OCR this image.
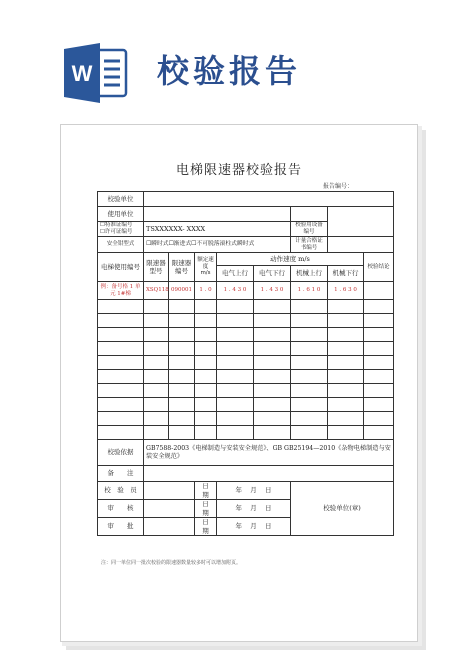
W 校验报告
电梯限速器校验报告
报告编号：
校验单位								
使用单位								

☐特准证编号
☐许可证编号	TSXXXXXX- XXXX					校验用设备编号		
安全钳型式	☐瞬时式☐渐进式☐不可脱落滚柱式瞬时式					计量合格证书编号		
电梯使用编号	限速器型号	限速器编号	额定速度
m/s	动作速度 m/s				校验结论
				电气上行	电气下行	机械上行	机械下行	
例：备号格 1 单元 1#梯	XSQ118	090001	1 . 0	1 . 4 3 0	1 . 4 3 0	1 . 6 1 0	1 . 6 3 0	

校验依据	GB7588-2003《电梯制造与安装安全规范》、GB GB25194—2010《杂物电梯制造与安装安全规范》							
备　　注								
校　验　员			日　　期	年 月 日		校验单位(章)		
审　　核			日　　期	年 月 日				
审　　批			日　　期	年 月 日				
注：同一单位同一批次校验的限速器数量较多时可以增加附页。
